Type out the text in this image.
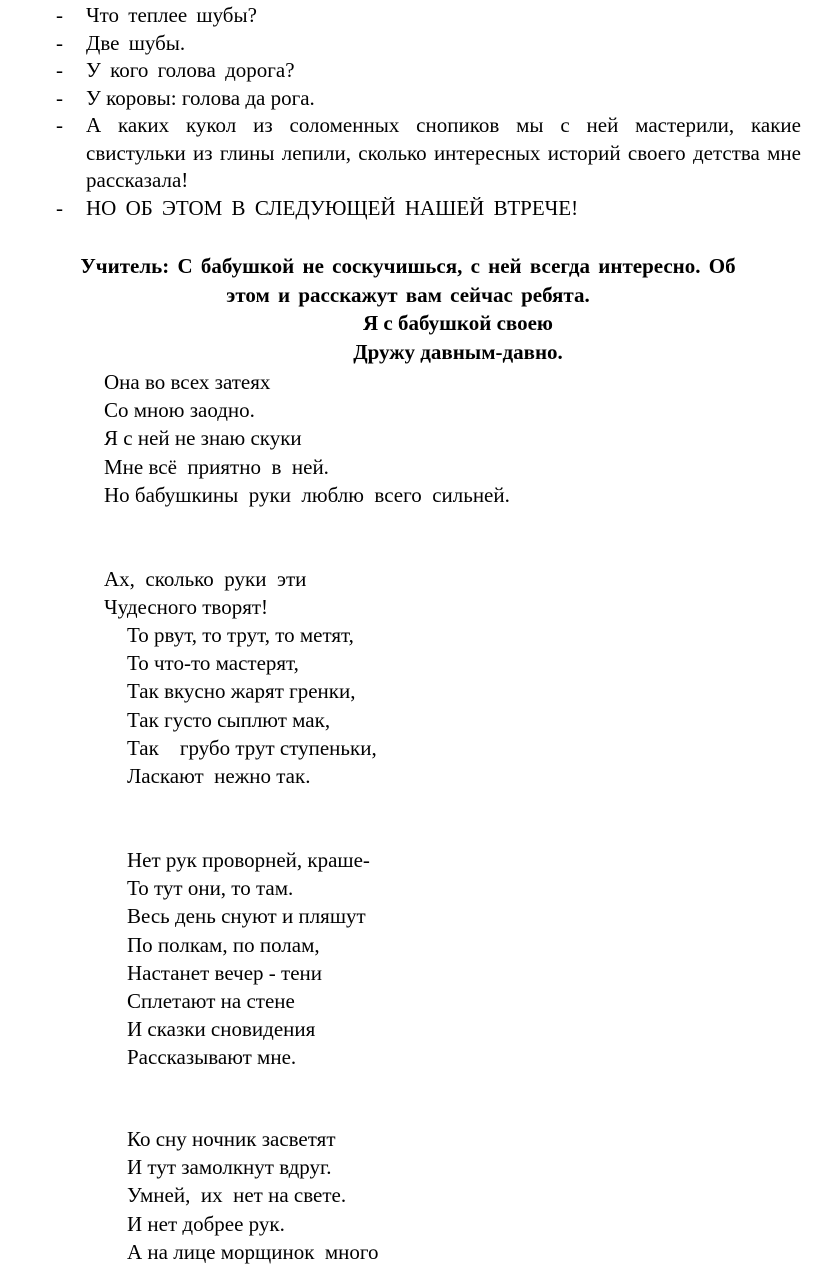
-	Что теплее шубы?
-	Две шубы.
-	У кого голова дорога?
-	У коровы: голова да рога.
-	А каких кукол из соломенных снопиков мы с ней мастерили, какие свистульки из глины лепили, сколько интересных историй своего детства мне рассказала!
-	НО ОБ ЭТОМ В СЛЕДУЮЩЕЙ НАШЕЙ ВТРЕЧЕ!
Учитель: С бабушкой не соскучишься, с ней всегда интересно. Об
этом и расскажут вам сейчас ребята.
Я с бабушкой своею
Дружу давным-давно.
Она во всех затеях
Со мною заодно.
Я с ней не знаю скуки
Мне всё  приятно  в  ней.
Но бабушкины  руки  люблю  всего  сильней.
Ах,  сколько  руки  эти
Чудесного творят!
То рвут, то трут, то метят,
То что-то мастерят,
Так вкусно жарят гренки,
Так густо сыплют мак,
Так    грубо трут ступеньки,
Ласкают  нежно так.
Нет рук проворней, краше-
То тут они, то там.
Весь день снуют и пляшут
По полкам, по полам,
Настанет вечер - тени
Сплетают на стене
И сказки сновидения
Рассказывают мне.
Ко сну ночник засветят
И тут замолкнут вдруг.
Умней,  их  нет на свете.
И нет добрее рук.
А на лице морщинок  много
